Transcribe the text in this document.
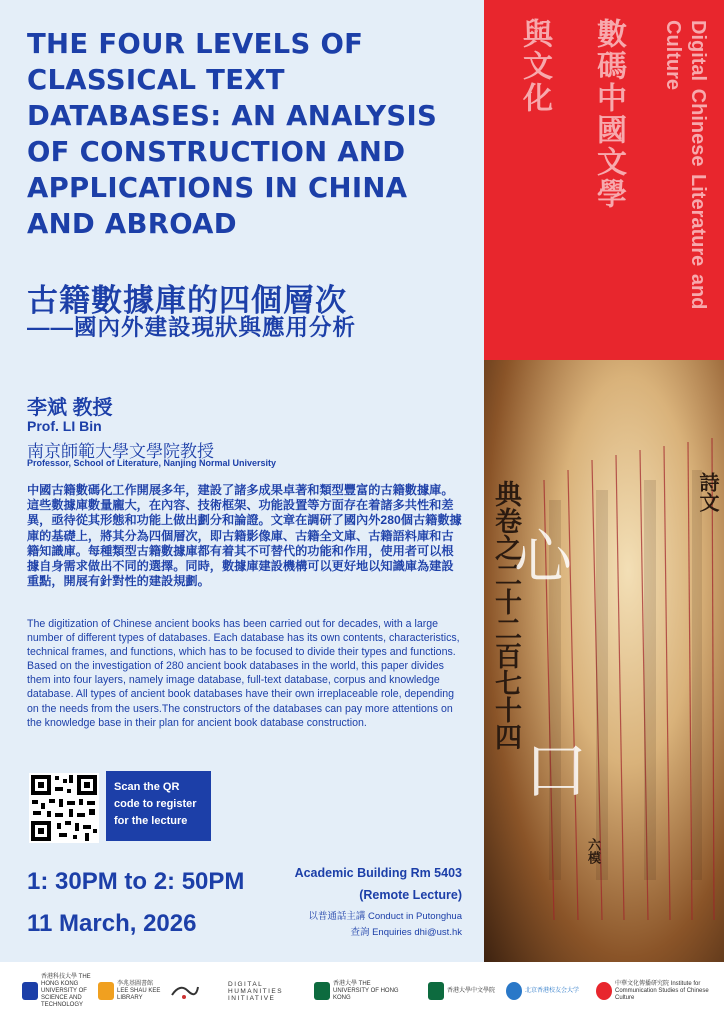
Digital Chinese Literature and Culture
數碼中國文學
與文化
詩文
典卷之二十二百七十四
六模
心
口
THE FOUR LEVELS OF CLASSICAL TEXT DATABASES: AN ANALYSIS OF CONSTRUCTION AND APPLICATIONS IN CHINA AND ABROAD
古籍數據庫的四個層次
——國內外建設現狀與應用分析
李斌 教授
Prof. LI Bin
南京師範大學文學院教授
Professor, School of Literature, Nanjing Normal University

中國古籍數碼化工作開展多年，建設了諸多成果卓著和類型豐富的古籍數據庫。這些數據庫數量龐大，在內容、技術框架、功能設置等方面存在着諸多共性和差異，亟待從其形態和功能上做出劃分和論證。文章在調研了國內外280個古籍數據庫的基礎上，將其分為四個層次，即古籍影像庫、古籍全文庫、古籍語料庫和古籍知識庫。每種類型古籍數據庫都有着其不可替代的功能和作用，使用者可以根據自身需求做出不同的選擇。同時，數據庫建設機構可以更好地以知識庫為建設重點，開展有針對性的建設規劃。

The digitization of Chinese ancient books has been carried out for decades, with a large number of different types of databases. Each database has its own contents, characteristics, technical frames, and functions, which has to be focused to divide their types and functions. Based on the investigation of 280 ancient book databases in the world, this paper divides them into four layers, namely image database, full-text database, corpus and knowledge database. All types of ancient book databases have their own irreplaceable role, depending on the needs from the users.The constructors of the databases can pay more attentions on the knowledge base in their plan for ancient book database construction.

Scan the QR
code to register
for the lecture
1: 30PM to 2: 50PM
11 March, 2026
Academic Building Rm 5403
(Remote Lecture)
以普通話主講 Conduct in Putonghua
查詢 Enquiries dhi@ust.hk
香港科技大學 THE HONG KONG UNIVERSITY OF SCIENCE AND TECHNOLOGY
李兆基圖書館 LEE SHAU KEE LIBRARY
DIGITAL HUMANITIES INITIATIVE
香港大學 THE UNIVERSITY OF HONG KONG
香港大學中文學院	北京香港校友会大学
中華文化傳播研究院 Institute for Communication Studies of Chinese Culture
